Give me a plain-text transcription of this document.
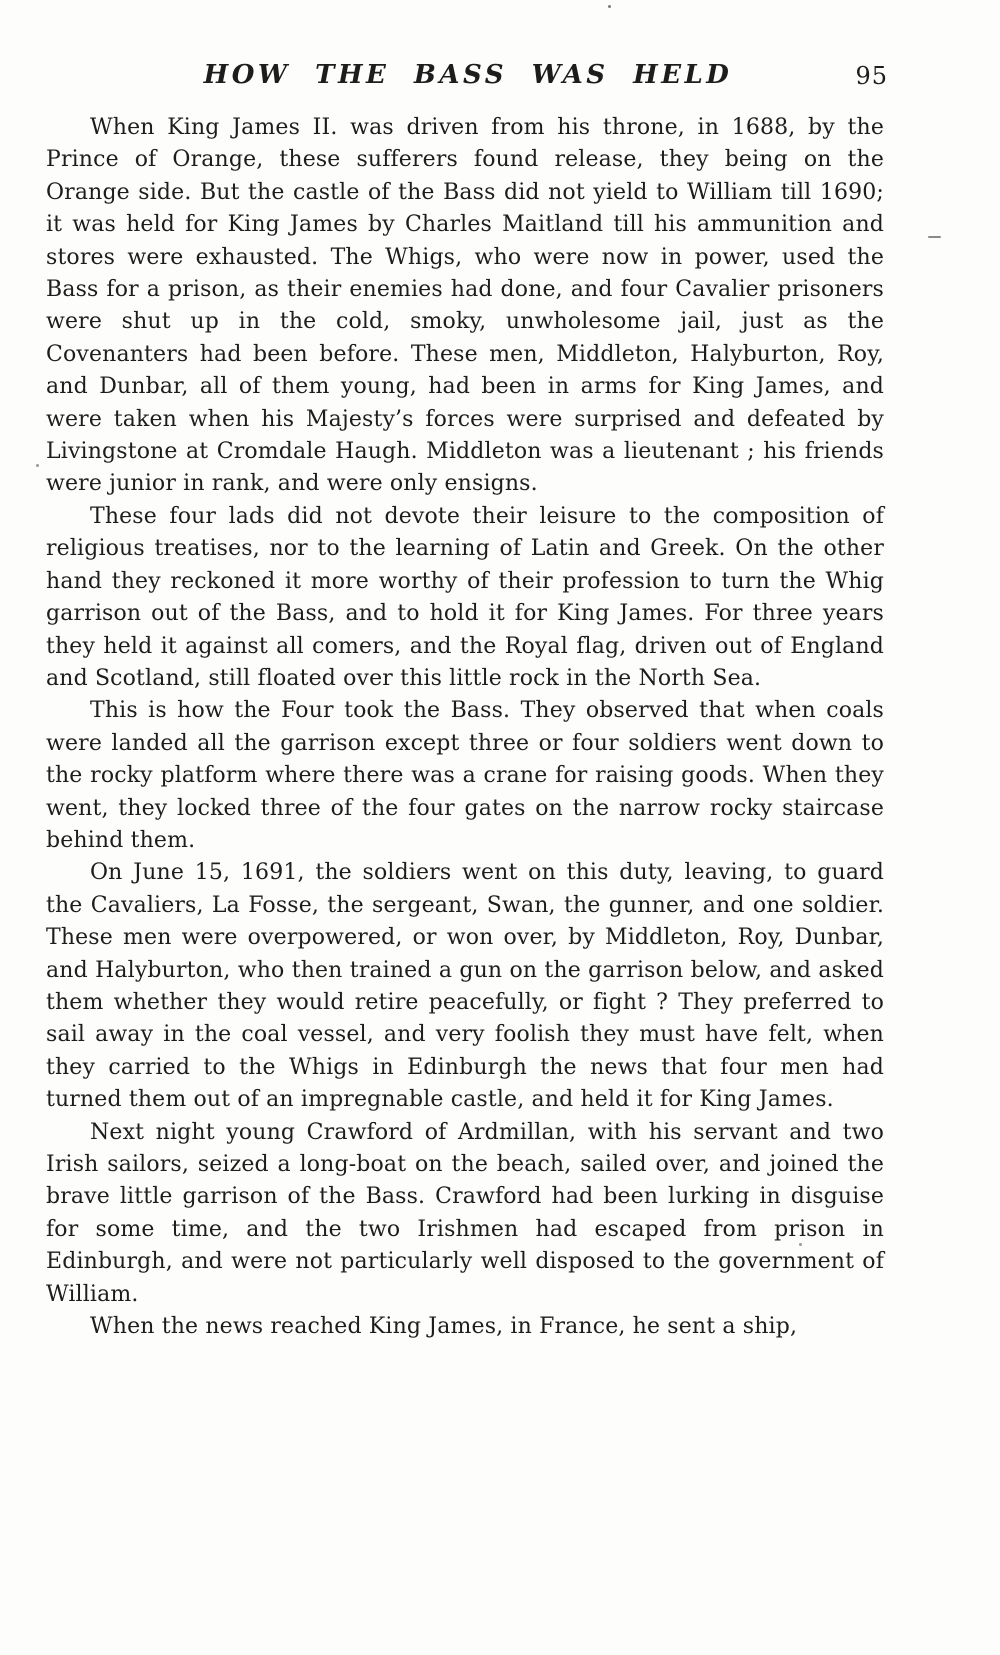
HOW THE BASS WAS HELD	95

When King James II. was driven from his throne, in 1688, by the Prince of Orange, these sufferers found release, they being on the Orange side. But the castle of the Bass did not yield to William till 1690; it was held for King James by Charles Maitland till his ammunition and stores were exhausted. The Whigs, who were now in power, used the Bass for a prison, as their enemies had done, and four Cavalier prisoners were shut up in the cold, smoky, unwholesome jail, just as the Covenanters had been before. These men, Middleton, Halyburton, Roy, and Dunbar, all of them young, had been in arms for King James, and were taken when his Majesty’s forces were surprised and defeated by Livingstone at Cromdale Haugh. Middleton was a lieutenant ; his friends were junior in rank, and were only ensigns.

These four lads did not devote their leisure to the composition of religious treatises, nor to the learning of Latin and Greek. On the other hand they reckoned it more worthy of their profession to turn the Whig garrison out of the Bass, and to hold it for King James. For three years they held it against all comers, and the Royal flag, driven out of England and Scotland, still floated over this little rock in the North Sea.

This is how the Four took the Bass. They observed that when coals were landed all the garrison except three or four soldiers went down to the rocky platform where there was a crane for raising goods. When they went, they locked three of the four gates on the narrow rocky staircase behind them.

On June 15, 1691, the soldiers went on this duty, leaving, to guard the Cavaliers, La Fosse, the sergeant, Swan, the gunner, and one soldier. These men were overpowered, or won over, by Middleton, Roy, Dunbar, and Halyburton, who then trained a gun on the garrison below, and asked them whether they would retire peacefully, or fight ? They preferred to sail away in the coal vessel, and very foolish they must have felt, when they carried to the Whigs in Edinburgh the news that four men had turned them out of an impregnable castle, and held it for King James.

Next night young Crawford of Ardmillan, with his servant and two Irish sailors, seized a long-boat on the beach, sailed over, and joined the brave little garrison of the Bass. Crawford had been lurking in disguise for some time, and the two Irishmen had escaped from prison in Edinburgh, and were not particularly well disposed to the government of William.

When the news reached King James, in France, he sent a ship,
